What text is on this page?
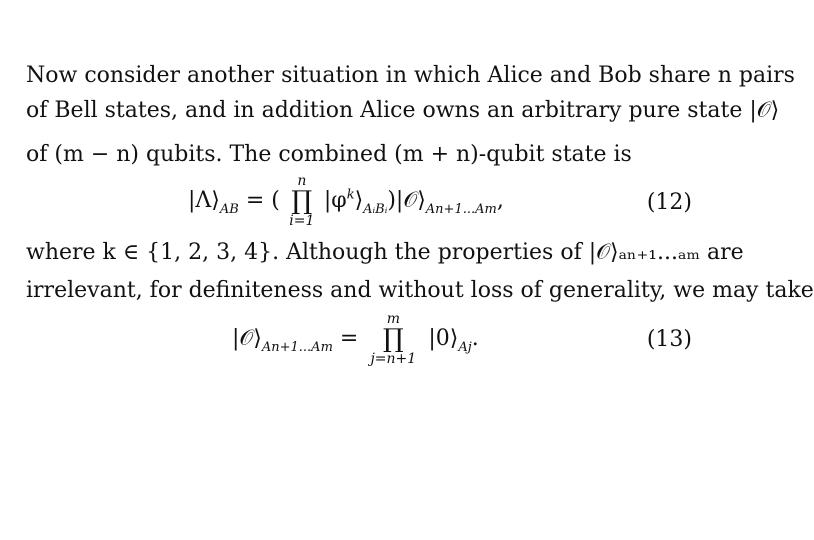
Now consider another situation in which Alice and Bob share n pairs
of Bell states, and in addition Alice owns an arbitrary pure state |𝒪⟩
of (m − n) qubits. The combined (m + n)-qubit state is
$|\Lambda⟩_{AB}$ = (
n
∏
i=1
$|\varphi^k⟩_{AᵢBᵢ})|𝒪⟩_{An+1...Am}$,	(12)
where k ∈ {1, 2, 3, 4}. Although the properties of |𝒪⟩ₐₙ₊₁...ₐₘ are
irrelevant, for definiteness and without loss of generality, we may take
$|𝒪⟩_{An+1...Am}$ =
m
∏
j=n+1
$|0⟩_{Aj}$.	(13)
